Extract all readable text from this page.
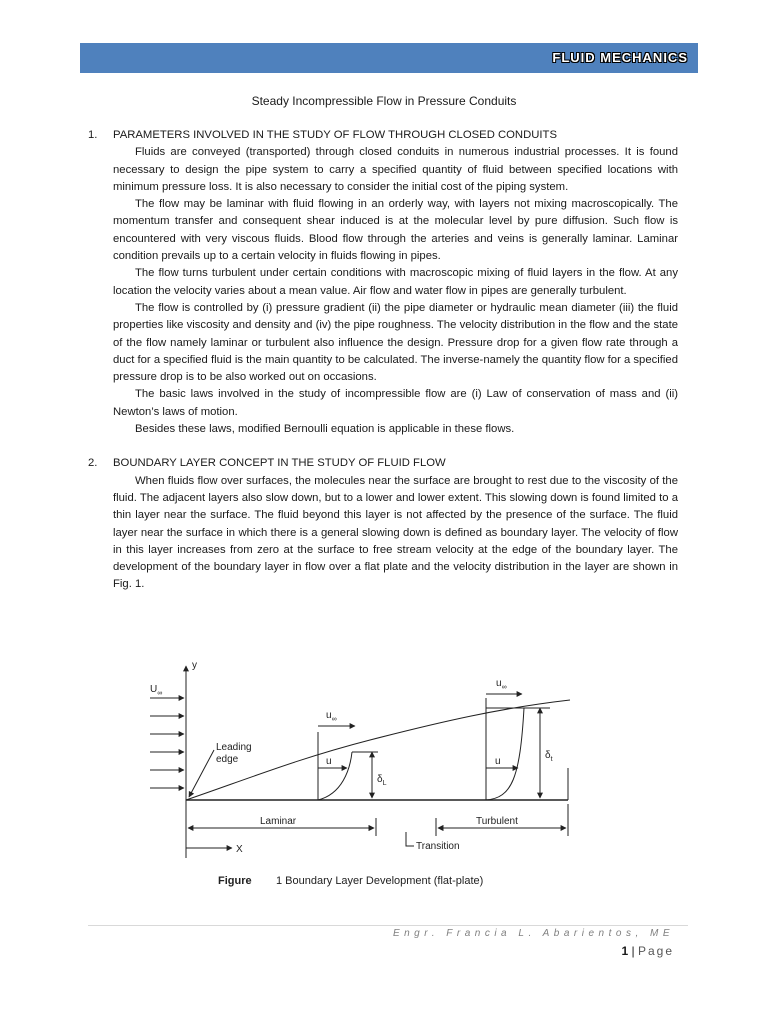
FLUID MECHANICS
Steady Incompressible Flow in Pressure Conduits
1. PARAMETERS INVOLVED IN THE STUDY OF FLOW THROUGH CLOSED CONDUITS

Fluids are conveyed (transported) through closed conduits in numerous industrial processes. It is found necessary to design the pipe system to carry a specified quantity of fluid between specified locations with minimum pressure loss. It is also necessary to consider the initial cost of the piping system.

The flow may be laminar with fluid flowing in an orderly way, with layers not mixing macroscopically. The momentum transfer and consequent shear induced is at the molecular level by pure diffusion. Such flow is encountered with very viscous fluids. Blood flow through the arteries and veins is generally laminar. Laminar condition prevails up to a certain velocity in fluids flowing in pipes.

The flow turns turbulent under certain conditions with macroscopic mixing of fluid layers in the flow. At any location the velocity varies about a mean value. Air flow and water flow in pipes are generally turbulent.

The flow is controlled by (i) pressure gradient (ii) the pipe diameter or hydraulic mean diameter (iii) the fluid properties like viscosity and density and (iv) the pipe roughness. The velocity distribution in the flow and the state of the flow namely laminar or turbulent also influence the design. Pressure drop for a given flow rate through a duct for a specified fluid is the main quantity to be calculated. The inverse-namely the quantity flow for a specified pressure drop is to be also worked out on occasions.

The basic laws involved in the study of incompressible flow are (i) Law of conservation of mass and (ii) Newton’s laws of motion.

Besides these laws, modified Bernoulli equation is applicable in these flows.

2. BOUNDARY LAYER CONCEPT IN THE STUDY OF FLUID FLOW

When fluids flow over surfaces, the molecules near the surface are brought to rest due to the viscosity of the fluid. The adjacent layers also slow down, but to a lower and lower extent. This slowing down is found limited to a thin layer near the surface. The fluid beyond this layer is not affected by the presence of the surface. The fluid layer near the surface in which there is a general slowing down is defined as boundary layer. The velocity of flow in this layer increases from zero at the surface to free stream velocity at the edge of the boundary layer. The development of the boundary layer in flow over a flat plate and the velocity distribution in the layer are shown in Fig. 1.

y
X
$U_\infty$
Leading edge
$u_\infty$
u
$\delta_L$
$u_\infty$
u
$\delta_t$
Laminar	Turbulent
Transition
Figure 1 Boundary Layer Development (flat-plate)
Engr. Francia L. Abarientos, ME
1 | Page
